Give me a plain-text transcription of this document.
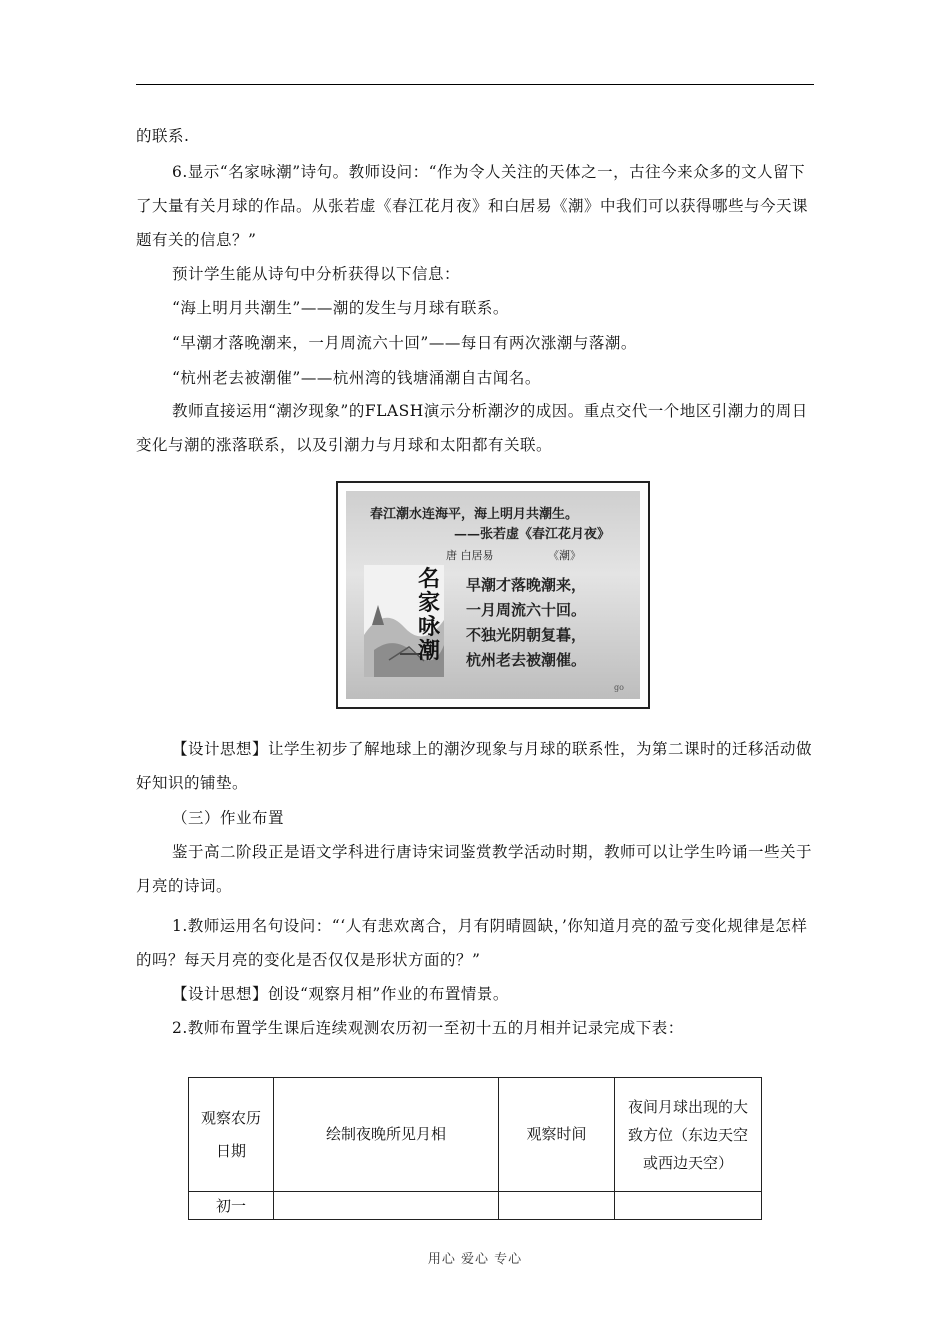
的联系.
6.显示“名家咏潮”诗句。教师设问：“作为令人关注的天体之一，古往今来众多的文人留下了大量有关月球的作品。从张若虚《春江花月夜》和白居易《潮》中我们可以获得哪些与今天课题有关的信息？”
预计学生能从诗句中分析获得以下信息：
“海上明月共潮生”——潮的发生与月球有联系。
“早潮才落晚潮来，一月周流六十回”——每日有两次涨潮与落潮。
“杭州老去被潮催”——杭州湾的钱塘涌潮自古闻名。
教师直接运用“潮汐现象”的FLASH演示分析潮汐的成因。重点交代一个地区引潮力的周日变化与潮的涨落联系，以及引潮力与月球和太阳都有关联。
春江潮水连海平，海上明月共潮生。
——张若虚《春江花月夜》
唐 白居易	《潮》
名家咏潮
早潮才落晚潮来，
一月周流六十回。
不独光阴朝复暮，
杭州老去被潮催。
go
【设计思想】让学生初步了解地球上的潮汐现象与月球的联系性，为第二课时的迁移活动做好知识的铺垫。
（三）作业布置
鉴于高二阶段正是语文学科进行唐诗宋词鉴赏教学活动时期，教师可以让学生吟诵一些关于月亮的诗词。
1.教师运用名句设问：“‘人有悲欢离合，月有阴晴圆缺，’你知道月亮的盈亏变化规律是怎样的吗？每天月亮的变化是否仅仅是形状方面的？”
【设计思想】创设“观察月相”作业的布置情景。
2.教师布置学生课后连续观测农历初一至初十五的月相并记录完成下表：
观察农历日期	绘制夜晚所见月相	观察时间	夜间月球出现的大致方位（东边天空或西边天空）

初一			
用心 爱心 专心
